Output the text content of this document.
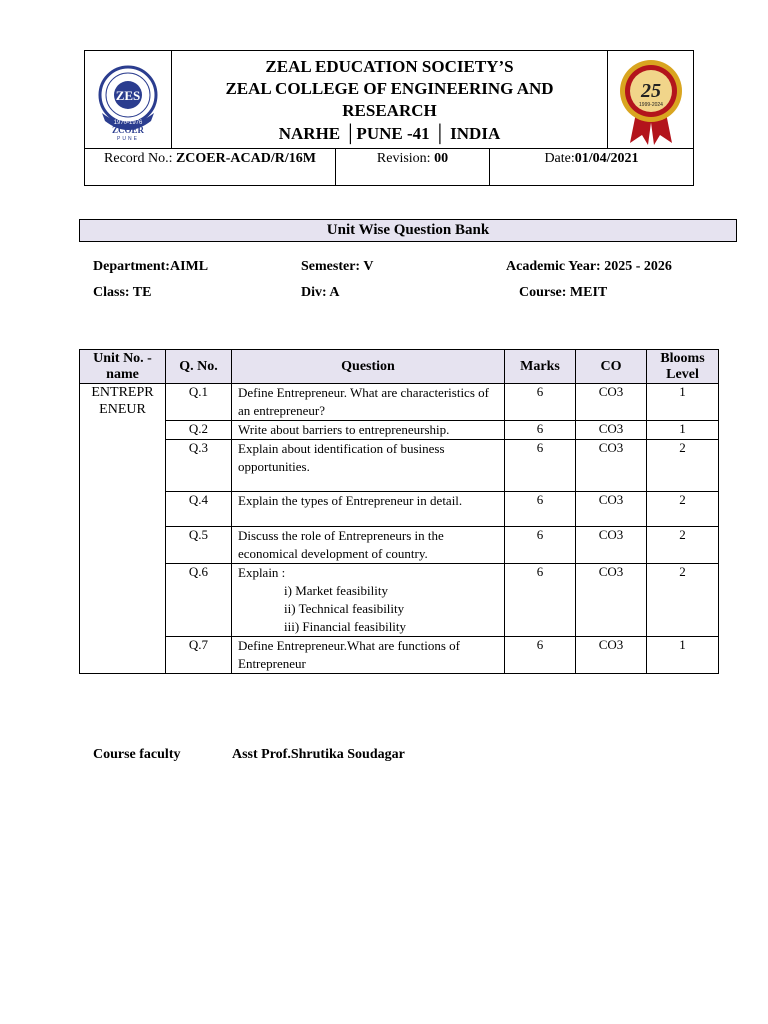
ZES
1970-1976
ZCOER
PUNE
ZEAL EDUCATION SOCIETY’S
ZEAL COLLEGE OF ENGINEERING AND
RESEARCH
NARHE │PUNE -41 │ INDIA
25
1999-2024
Record No.: ZCOER-ACAD/R/16M	Revision: 00	Date:01/04/2021
Unit Wise Question Bank
Department:AIML	Semester: V	Academic Year: 2025 - 2026
Class: TE	Div: A	Course: MEIT
Unit No. - name	Q. No.	Question	Marks	CO	Blooms Level
ENTREPR ENEUR	Q.1	Define Entrepreneur. What are characteristics of an entrepreneur?	6	CO3	1
	Q.2	Write about barriers to entrepreneurship.	6	CO3	1
	Q.3	Explain about identification of business opportunities.	6	CO3	2
	Q.4	Explain the types of Entrepreneur in detail.	6	CO3	2
	Q.5	Discuss the role of Entrepreneurs in the economical development of country.	6	CO3	2
	Q.6	Explain :
i) Market feasibility
ii) Technical feasibility
iii) Financial feasibility	6	CO3	2
	Q.7	Define Entrepreneur.What are functions of Entrepreneur	6	CO3	1
Course faculty	Asst Prof.Shrutika Soudagar
